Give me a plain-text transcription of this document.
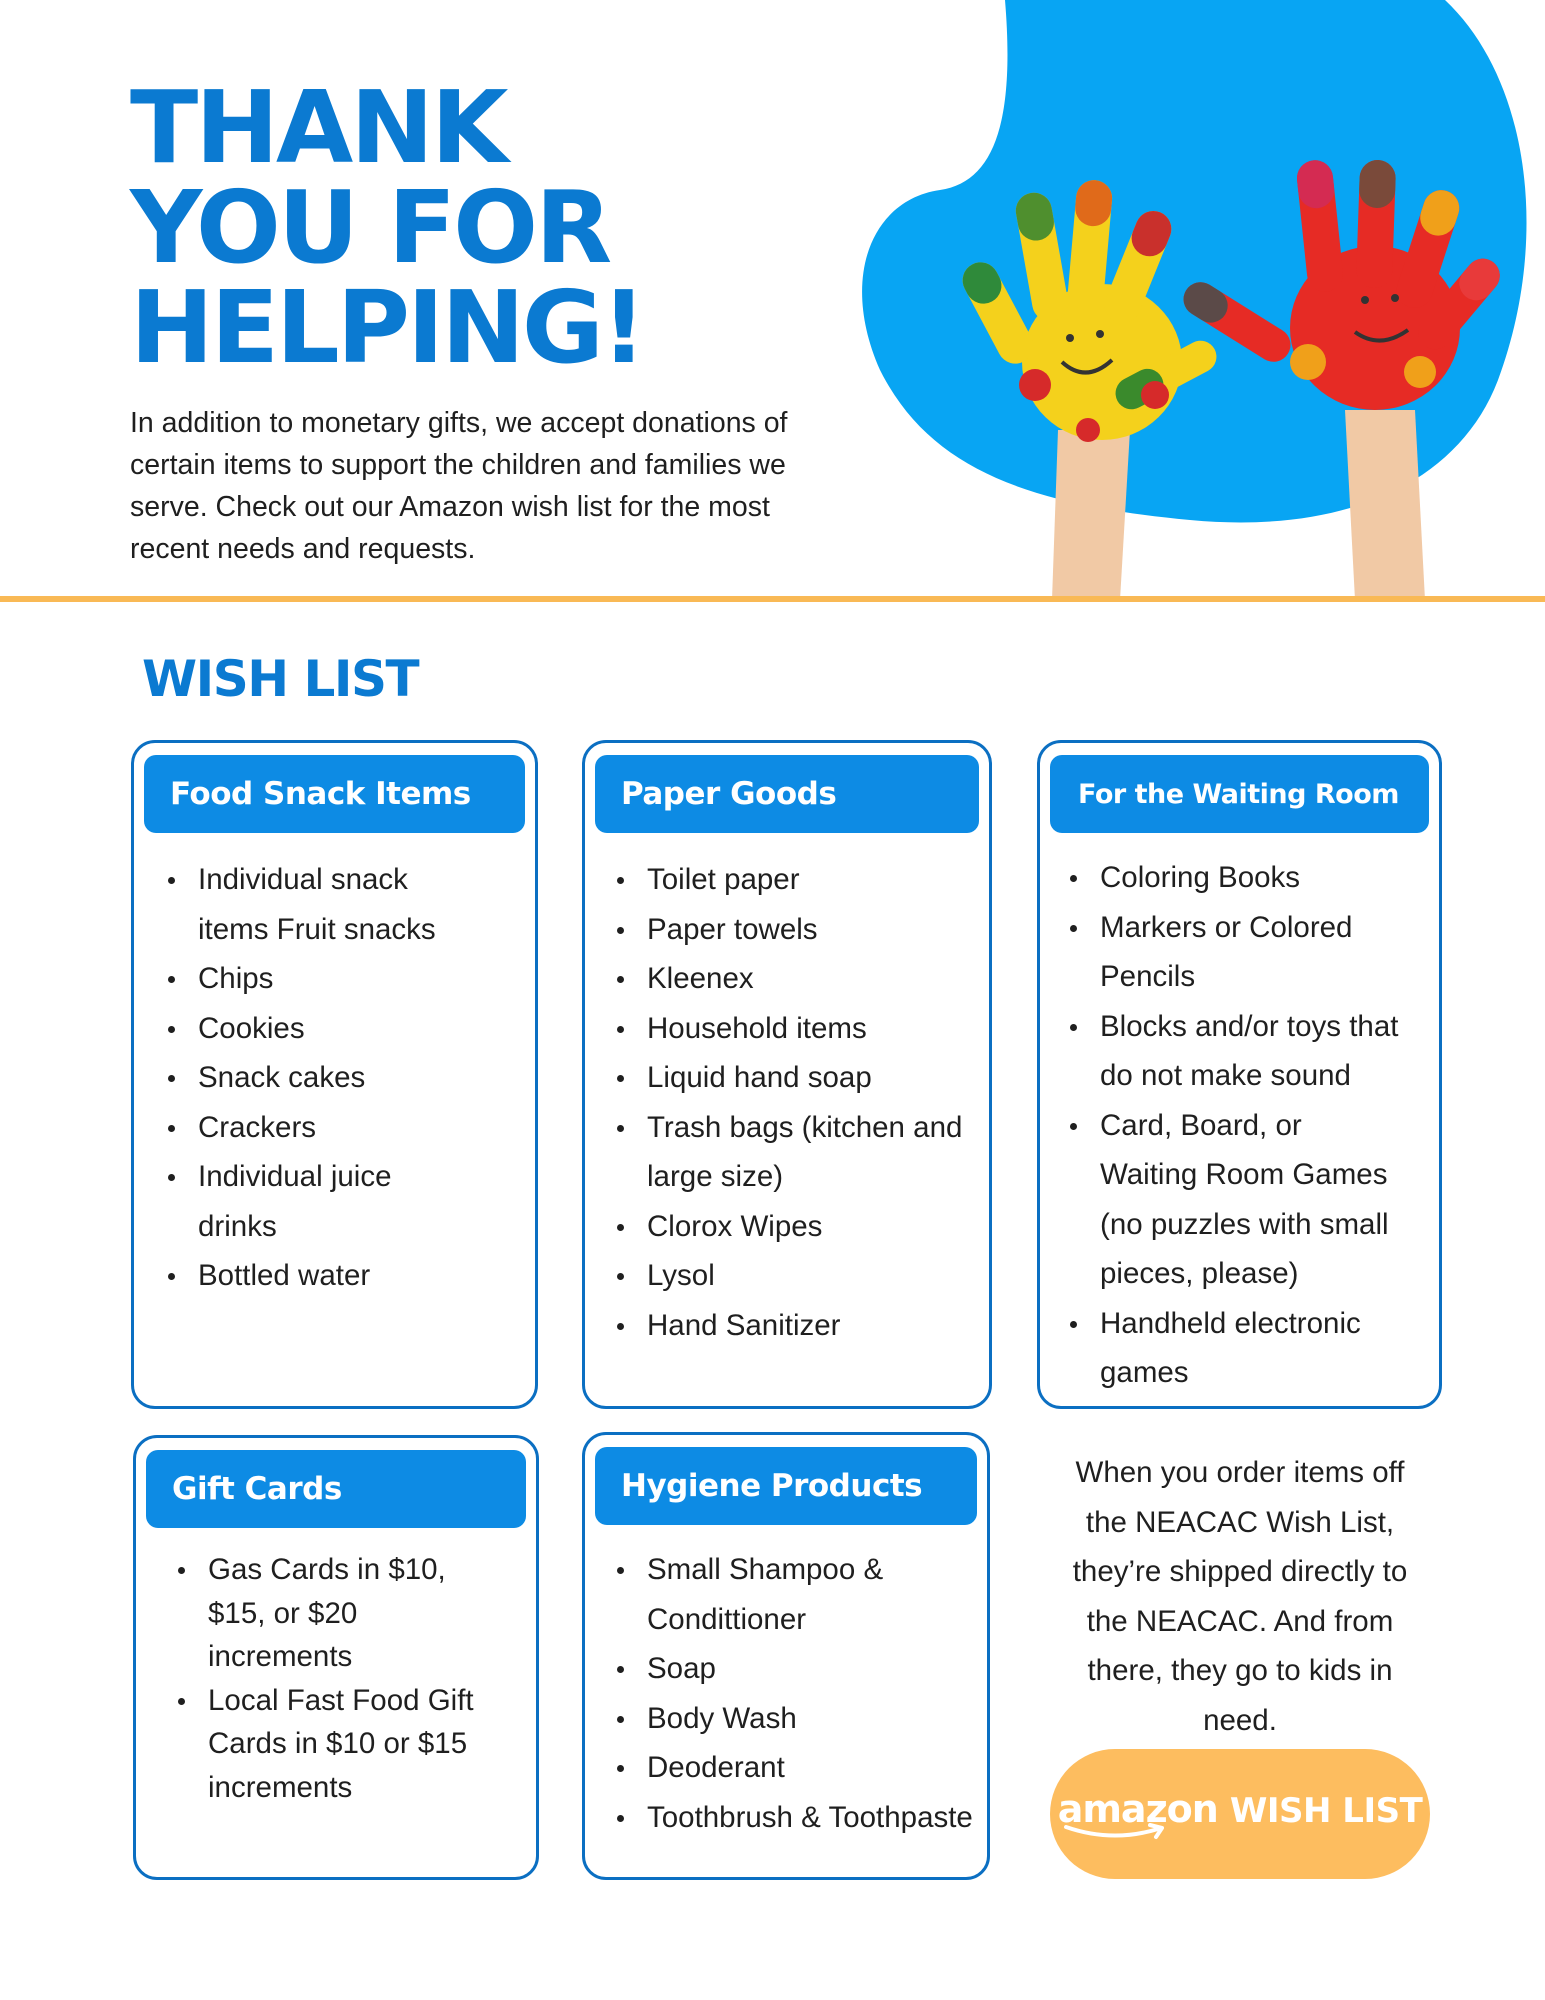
THANK
YOU FOR
HELPING!

In addition to monetary gifts, we accept donations of certain items to support the children and families we serve. Check out our Amazon wish list for the most recent needs and requests.

WISH LIST
Food Snack Items
Individual snack items Fruit snacks
Chips
Cookies
Snack cakes
Crackers
Individual juice drinks
Bottled water
Paper Goods
Toilet paper
Paper towels
Kleenex
Household items
Liquid hand soap
Trash bags (kitchen and large size)
Clorox Wipes
Lysol
Hand Sanitizer
For the Waiting Room
Coloring Books
Markers or Colored Pencils
Blocks and/or toys that do not make sound
Card, Board, or Waiting Room Games (no puzzles with small pieces, please)
Handheld electronic games
Gift Cards
Gas Cards in $10, $15, or $20 increments
Local Fast Food Gift Cards in $10 or $15 increments
Hygiene Products
Small Shampoo & Condittioner
Soap
Body Wash
Deoderant
Toothbrush & Toothpaste

When you order items off the NEACAC Wish List, they’re shipped directly to the NEACAC. And from there, they go to kids in need.

amazon WISH LIST
